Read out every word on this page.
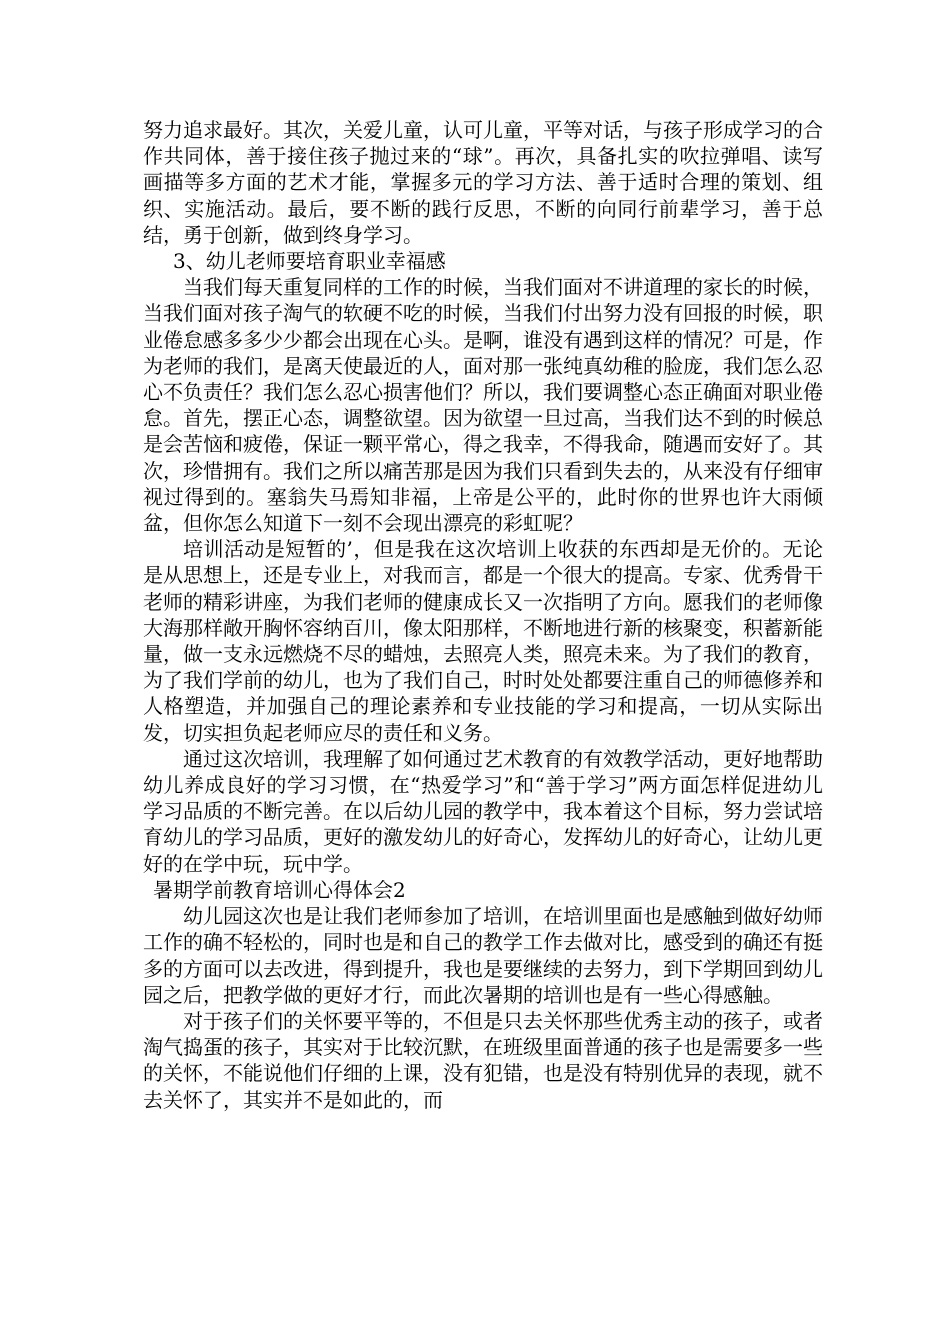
努力追求最好。其次，关爱儿童，认可儿童，平等对话，与孩子形成学习的合作共同体，善于接住孩子抛过来的“球”。再次，具备扎实的吹拉弹唱、读写画描等多方面的艺术才能，掌握多元的学习方法、善于适时合理的策划、组织、实施活动。最后，要不断的践行反思，不断的向同行前辈学习，善于总结，勇于创新，做到终身学习。

3、幼儿老师要培育职业幸福感

当我们每天重复同样的工作的时候，当我们面对不讲道理的家长的时候，当我们面对孩子淘气的软硬不吃的时候，当我们付出努力没有回报的时候，职业倦怠感多多少少都会出现在心头。是啊，谁没有遇到这样的情况？可是，作为老师的我们，是离天使最近的人，面对那一张纯真幼稚的脸庞，我们怎么忍心不负责任？我们怎么忍心损害他们？所以，我们要调整心态正确面对职业倦怠。首先，摆正心态，调整欲望。因为欲望一旦过高，当我们达不到的时候总是会苦恼和疲倦，保证一颗平常心，得之我幸，不得我命，随遇而安好了。其次，珍惜拥有。我们之所以痛苦那是因为我们只看到失去的，从来没有仔细审视过得到的。塞翁失马焉知非福，上帝是公平的，此时你的世界也许大雨倾盆，但你怎么知道下一刻不会现出漂亮的彩虹呢？

培训活动是短暂的’，但是我在这次培训上收获的东西却是无价的。无论是从思想上，还是专业上，对我而言，都是一个很大的提高。专家、优秀骨干老师的精彩讲座，为我们老师的健康成长又一次指明了方向。愿我们的老师像大海那样敞开胸怀容纳百川，像太阳那样，不断地进行新的核聚变，积蓄新能量，做一支永远燃烧不尽的蜡烛，去照亮人类，照亮未来。为了我们的教育，为了我们学前的幼儿，也为了我们自己，时时处处都要注重自己的师德修养和人格塑造，并加强自己的理论素养和专业技能的学习和提高，一切从实际出发，切实担负起老师应尽的责任和义务。

通过这次培训，我理解了如何通过艺术教育的有效教学活动，更好地帮助幼儿养成良好的学习习惯，在“热爱学习”和“善于学习”两方面怎样促进幼儿学习品质的不断完善。在以后幼儿园的教学中，我本着这个目标，努力尝试培育幼儿的学习品质，更好的激发幼儿的好奇心，发挥幼儿的好奇心，让幼儿更好的在学中玩，玩中学。

暑期学前教育培训心得体会2

幼儿园这次也是让我们老师参加了培训，在培训里面也是感触到做好幼师工作的确不轻松的，同时也是和自己的教学工作去做对比，感受到的确还有挺多的方面可以去改进，得到提升，我也是要继续的去努力，到下学期回到幼儿园之后，把教学做的更好才行，而此次暑期的培训也是有一些心得感触。

对于孩子们的关怀要平等的，不但是只去关怀那些优秀主动的孩子，或者淘气捣蛋的孩子，其实对于比较沉默，在班级里面普通的孩子也是需要多一些的关怀，不能说他们仔细的上课，没有犯错，也是没有特别优异的表现，就不去关怀了，其实并不是如此的，而
